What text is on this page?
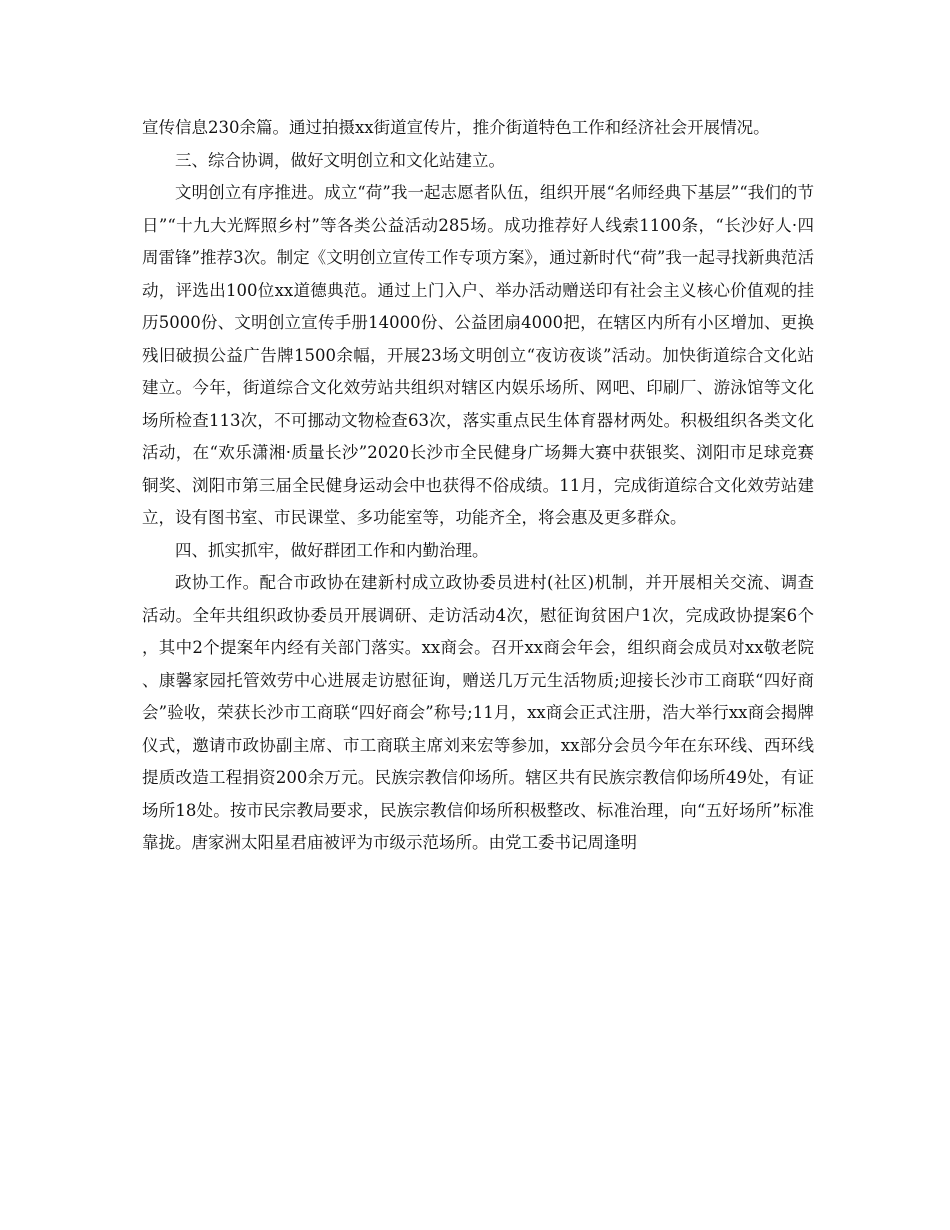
宣传信息230余篇。通过拍摄xx街道宣传片，推介街道特色工作和经济社会开展情况。

三、综合协调，做好文明创立和文化站建立。

文明创立有序推进。成立“荷”我一起志愿者队伍，组织开展“名师经典下基层”“我们的节日”“十九大光辉照乡村”等各类公益活动285场。成功推荐好人线索1100条，“长沙好人·四周雷锋”推荐3次。制定《文明创立宣传工作专项方案》，通过新时代“荷”我一起寻找新典范活动，评选出100位xx道德典范。通过上门入户、举办活动赠送印有社会主义核心价值观的挂历5000份、文明创立宣传手册14000份、公益团扇4000把，在辖区内所有小区增加、更换残旧破损公益广告牌1500余幅，开展23场文明创立“夜访夜谈”活动。加快街道综合文化站建立。今年，街道综合文化效劳站共组织对辖区内娱乐场所、网吧、印刷厂、游泳馆等文化场所检查113次，不可挪动文物检查63次，落实重点民生体育器材两处。积极组织各类文化活动，在“欢乐潇湘·质量长沙”2020长沙市全民健身广场舞大赛中获银奖、浏阳市足球竞赛铜奖、浏阳市第三届全民健身运动会中也获得不俗成绩。11月，完成街道综合文化效劳站建立，设有图书室、市民课堂、多功能室等，功能齐全，将会惠及更多群众。

四、抓实抓牢，做好群团工作和内勤治理。

政协工作。配合市政协在建新村成立政协委员进村(社区)机制，并开展相关交流、调查活动。全年共组织政协委员开展调研、走访活动4次，慰征询贫困户1次，完成政协提案6个，其中2个提案年内经有关部门落实。xx商会。召开xx商会年会，组织商会成员对xx敬老院、康馨家园托管效劳中心进展走访慰征询，赠送几万元生活物质;迎接长沙市工商联“四好商会”验收，荣获长沙市工商联“四好商会”称号;11月，xx商会正式注册，浩大举行xx商会揭牌仪式，邀请市政协副主席、市工商联主席刘来宏等参加，xx部分会员今年在东环线、西环线提质改造工程捐资200余万元。民族宗教信仰场所。辖区共有民族宗教信仰场所49处，有证场所18处。按市民宗教局要求，民族宗教信仰场所积极整改、标准治理，向“五好场所”标准靠拢。唐家洲太阳星君庙被评为市级示范场所。由党工委书记周逢明
